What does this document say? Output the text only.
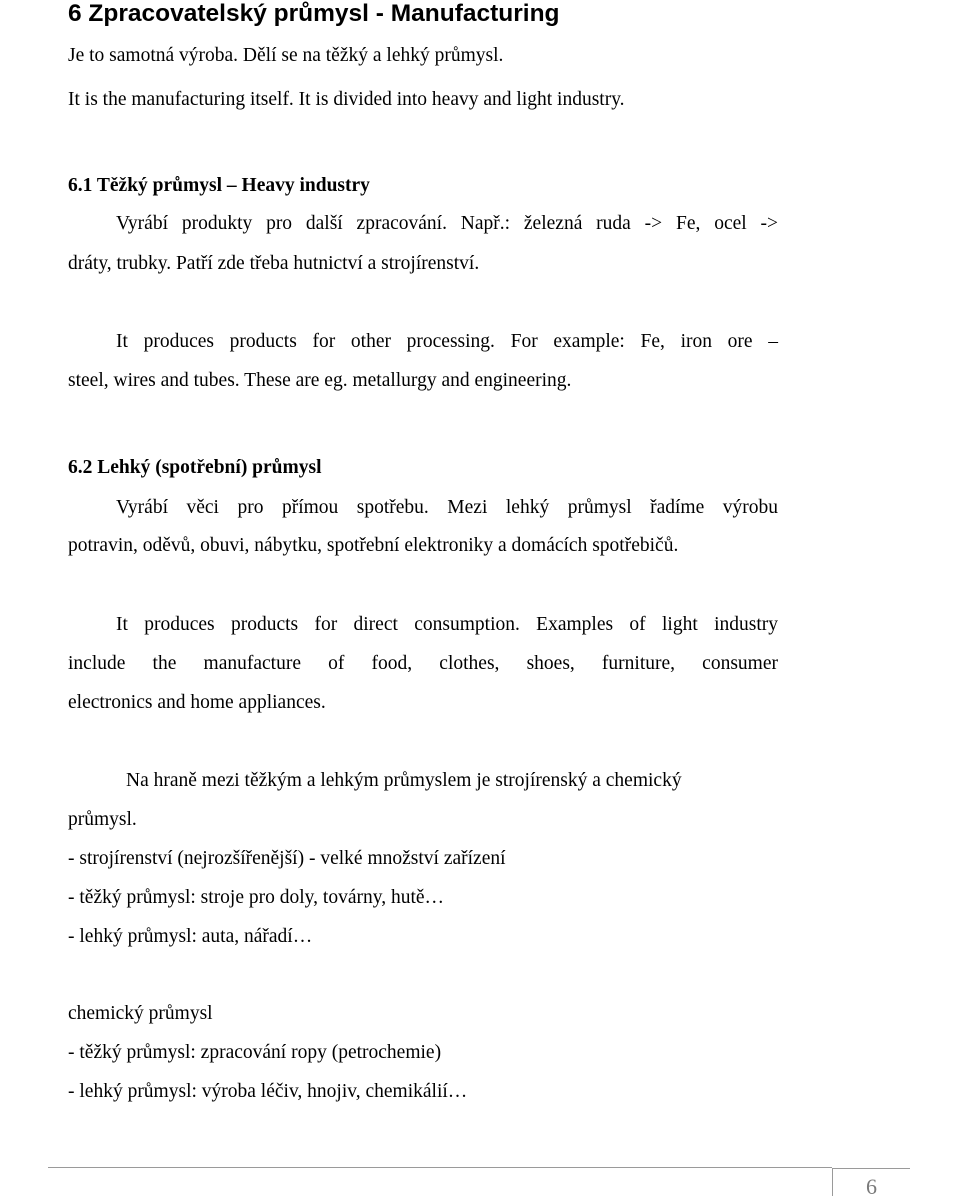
6 Zpracovatelský průmysl - Manufacturing
Je to samotná výroba. Dělí se na těžký a lehký průmysl.
It is the manufacturing itself. It is divided into heavy and light industry.
6.1 Těžký průmysl – Heavy industry
Vyrábí produkty pro další zpracování. Např.: železná ruda -> Fe, ocel ->
dráty, trubky. Patří zde třeba hutnictví a strojírenství.
It produces products for other processing. For example: Fe, iron ore –
steel, wires and tubes. These are eg. metallurgy and engineering.
6.2 Lehký (spotřební) průmysl
Vyrábí věci pro přímou spotřebu. Mezi lehký průmysl řadíme výrobu
potravin, oděvů, obuvi, nábytku, spotřební elektroniky a domácích spotřebičů.
It produces products for direct consumption. Examples of light industry
include the manufacture of food, clothes, shoes, furniture, consumer
electronics and home appliances.
Na hraně mezi těžkým a lehkým průmyslem je strojírenský a chemický
průmysl.
- strojírenství (nejrozšířenější) - velké množství zařízení
- těžký průmysl: stroje pro doly, továrny, hutě…
- lehký průmysl: auta, nářadí…
chemický průmysl
- těžký průmysl: zpracování ropy (petrochemie)
- lehký průmysl: výroba léčiv, hnojiv, chemikálií…
6
